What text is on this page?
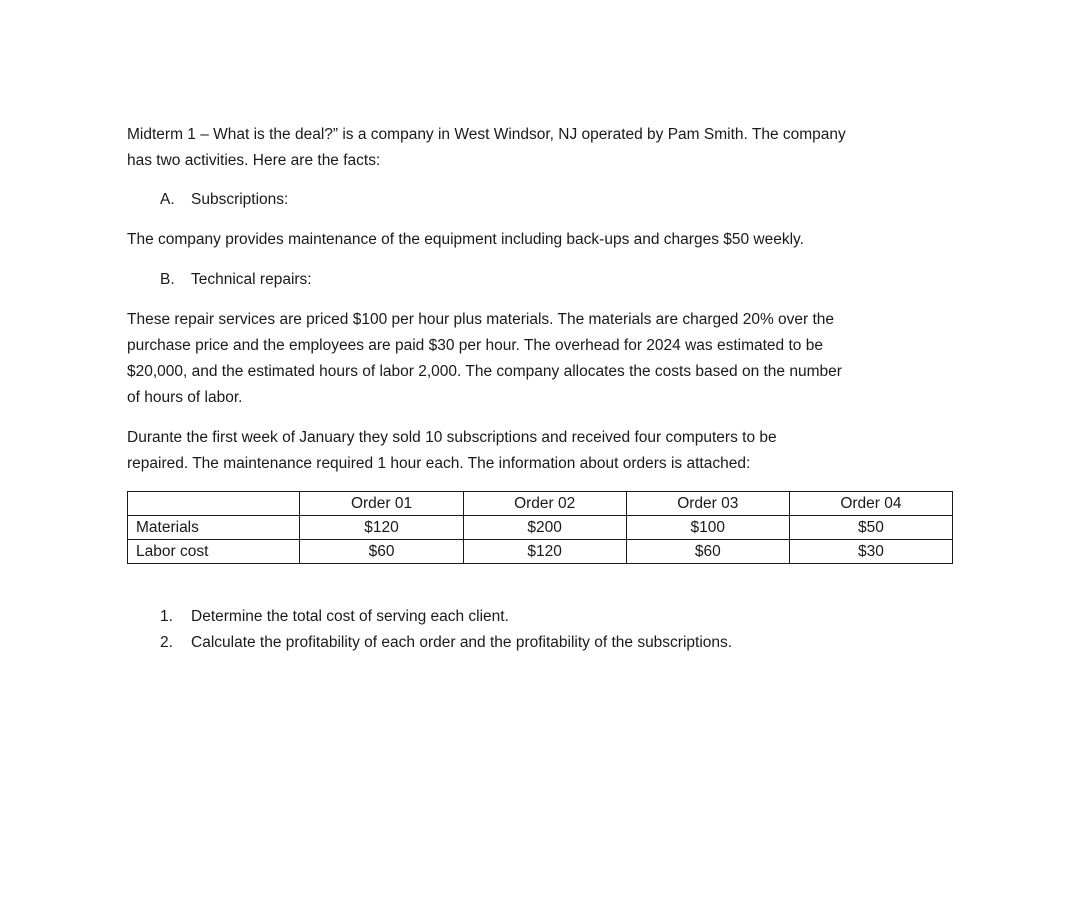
Midterm 1 – What is the deal?” is a company in West Windsor, NJ operated by Pam Smith. The company
has two activities. Here are the facts:

A. Subscriptions:

The company provides maintenance of the equipment including back-ups and charges $50 weekly.

B. Technical repairs:

These repair services are priced $100 per hour plus materials. The materials are charged 20% over the
purchase price and the employees are paid $30 per hour. The overhead for 2024 was estimated to be
$20,000, and the estimated hours of labor 2,000. The company allocates the costs based on the number
of hours of labor.

Durante the first week of January they sold 10 subscriptions and received four computers to be
repaired. The maintenance required 1 hour each. The information about orders is attached:

	Order 01	Order 02	Order 03	Order 04
Materials	$120	$200	$100	$50
Labor cost	$60	$120	$60	$30
1. Determine the total cost of serving each client.
2. Calculate the profitability of each order and the profitability of the subscriptions.
